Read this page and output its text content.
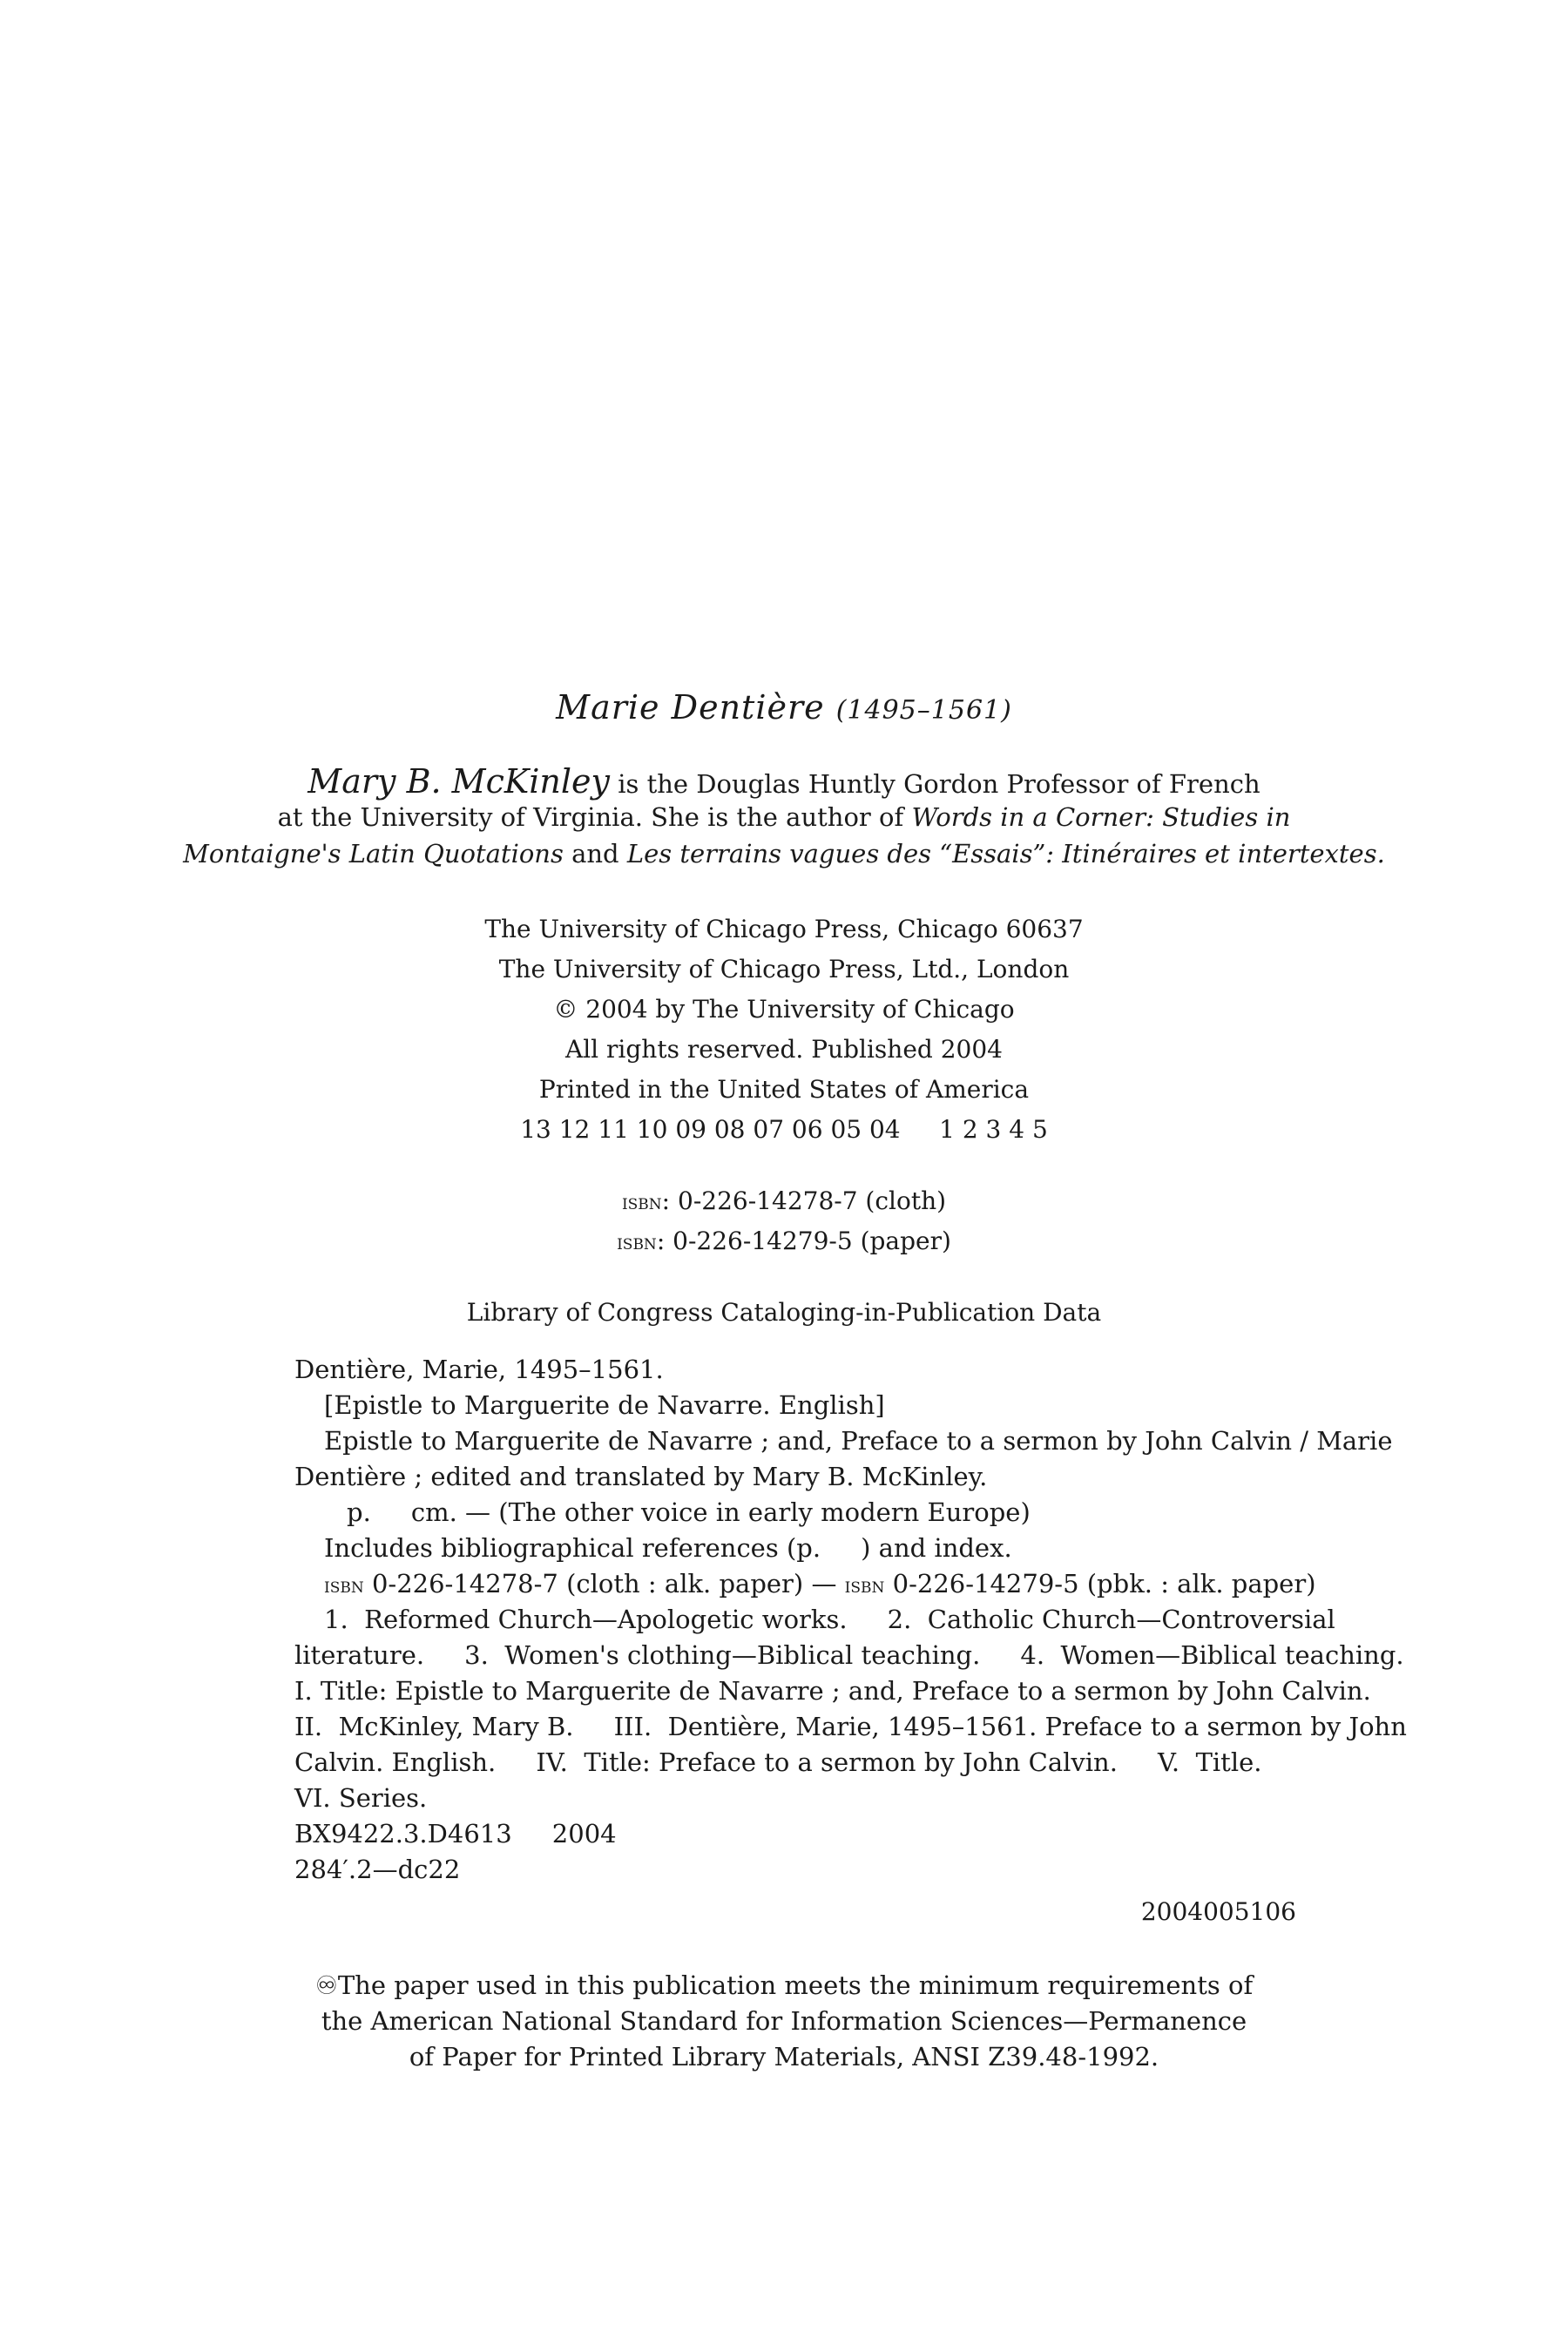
Marie Dentière (1495–1561)
Mary B. McKinley is the Douglas Huntly Gordon Professor of French
at the University of Virginia. She is the author of Words in a Corner: Studies in
Montaigne's Latin Quotations and Les terrains vagues des “Essais”: Itinéraires et intertextes.
The University of Chicago Press, Chicago 60637
The University of Chicago Press, Ltd., London
© 2004 by The University of Chicago
All rights reserved. Published 2004
Printed in the United States of America
13 12 11 10 09 08 07 06 05 04     1 2 3 4 5
isbn: 0-226-14278-7 (cloth)
isbn: 0-226-14279-5 (paper)
Library of Congress Cataloging-in-Publication Data
Dentière, Marie, 1495–1561.
[Epistle to Marguerite de Navarre. English]
Epistle to Marguerite de Navarre ; and, Preface to a sermon by John Calvin / Marie
Dentière ; edited and translated by Mary B. McKinley.
p.     cm. — (The other voice in early modern Europe)
Includes bibliographical references (p.     ) and index.
isbn 0-226-14278-7 (cloth : alk. paper) — isbn 0-226-14279-5 (pbk. : alk. paper)
1.  Reformed Church—Apologetic works.     2.  Catholic Church—Controversial
literature.     3.  Women's clothing—Biblical teaching.     4.  Women—Biblical teaching.
I. Title: Epistle to Marguerite de Navarre ; and, Preface to a sermon by John Calvin.
II.  McKinley, Mary B.     III.  Dentière, Marie, 1495–1561. Preface to a sermon by John
Calvin. English.     IV.  Title: Preface to a sermon by John Calvin.     V.  Title.
VI. Series.
BX9422.3.D4613     2004
284′.2—dc22
2004005106
♾The paper used in this publication meets the minimum requirements of
the American National Standard for Information Sciences—Permanence
of Paper for Printed Library Materials, ANSI Z39.48-1992.
